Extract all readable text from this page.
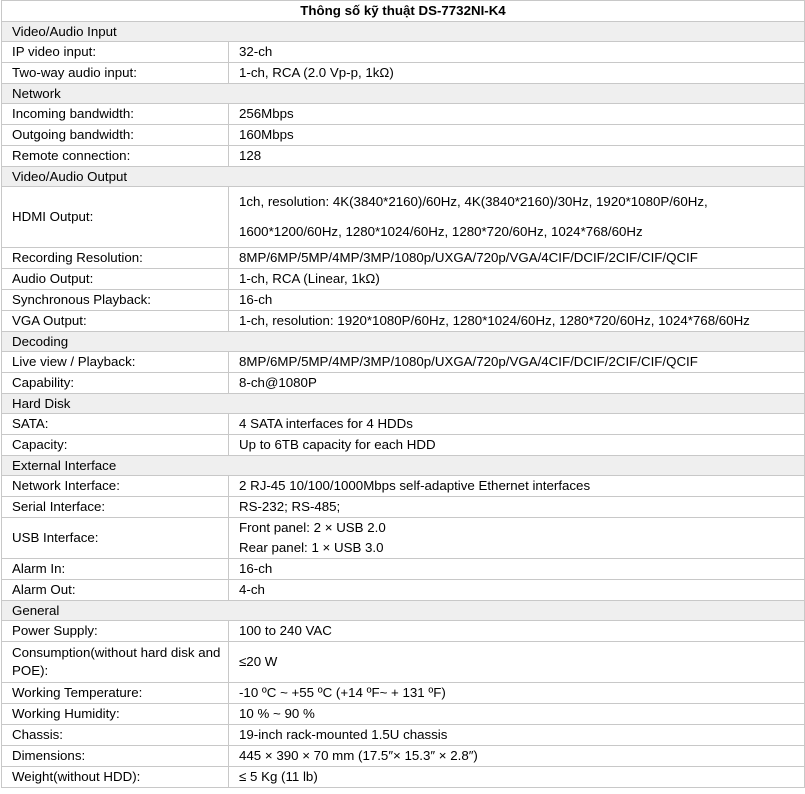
Thông số kỹ thuật DS-7732NI-K4	
Video/Audio Input	
IP video input:	32-ch

Two-way audio input:	1-ch, RCA (2.0 Vp-p, 1kΩ)

Network	
Incoming bandwidth:	256Mbps

Outgoing bandwidth:	160Mbps

Remote connection:	128

Video/Audio Output	
HDMI Output:	1ch, resolution: 4K(3840*2160)/60Hz, 4K(3840*2160)/30Hz, 1920*1080P/60Hz,
1600*1200/60Hz, 1280*1024/60Hz, 1280*720/60Hz, 1024*768/60Hz

Recording Resolution:	8MP/6MP/5MP/4MP/3MP/1080p/UXGA/720p/VGA/4CIF/DCIF/2CIF/CIF/QCIF

Audio Output:	1-ch, RCA (Linear, 1kΩ)

Synchronous Playback:	16-ch

VGA Output:	1-ch, resolution: 1920*1080P/60Hz, 1280*1024/60Hz, 1280*720/60Hz, 1024*768/60Hz

Decoding	
Live view / Playback:	8MP/6MP/5MP/4MP/3MP/1080p/UXGA/720p/VGA/4CIF/DCIF/2CIF/CIF/QCIF

Capability:	8-ch@1080P

Hard Disk	
SATA:	4 SATA interfaces for 4 HDDs

Capacity:	Up to 6TB capacity for each HDD

External Interface	
Network Interface:	2 RJ-45 10/100/1000Mbps self-adaptive Ethernet interfaces

Serial Interface:	RS-232; RS-485;

USB Interface:	Front panel: 2 × USB 2.0
Rear panel: 1 × USB 3.0

Alarm In:	16-ch

Alarm Out:	4-ch

General	
Power Supply:	100 to 240 VAC

Consumption(without hard disk and POE):	≤20 W

Working Temperature:	-10 ºC ~ +55 ºC (+14 ºF~ + 131 ºF)

Working Humidity:	10 % ~ 90 %

Chassis:	19-inch rack-mounted 1.5U chassis

Dimensions:	445 × 390 × 70 mm (17.5″× 15.3″ × 2.8″)

Weight(without HDD):	≤ 5 Kg (11 lb)
